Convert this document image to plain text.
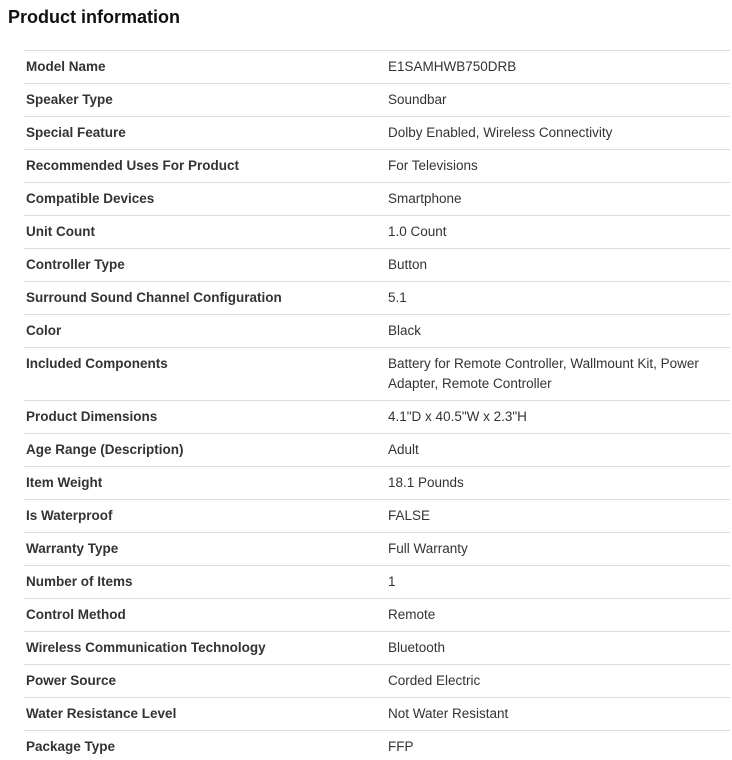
Product information
Model Name	E1SAMHWB750DRB
Speaker Type	Soundbar
Special Feature	Dolby Enabled, Wireless Connectivity
Recommended Uses For Product	For Televisions
Compatible Devices	Smartphone
Unit Count	1.0 Count
Controller Type	Button
Surround Sound Channel Configuration	5.1
Color	Black
Included Components	Battery for Remote Controller, Wallmount Kit, Power Adapter, Remote Controller
Product Dimensions	4.1"D x 40.5"W x 2.3"H
Age Range (Description)	Adult
Item Weight	18.1 Pounds
Is Waterproof	FALSE
Warranty Type	Full Warranty
Number of Items	1
Control Method	Remote
Wireless Communication Technology	Bluetooth
Power Source	Corded Electric
Water Resistance Level	Not Water Resistant
Package Type	FFP
